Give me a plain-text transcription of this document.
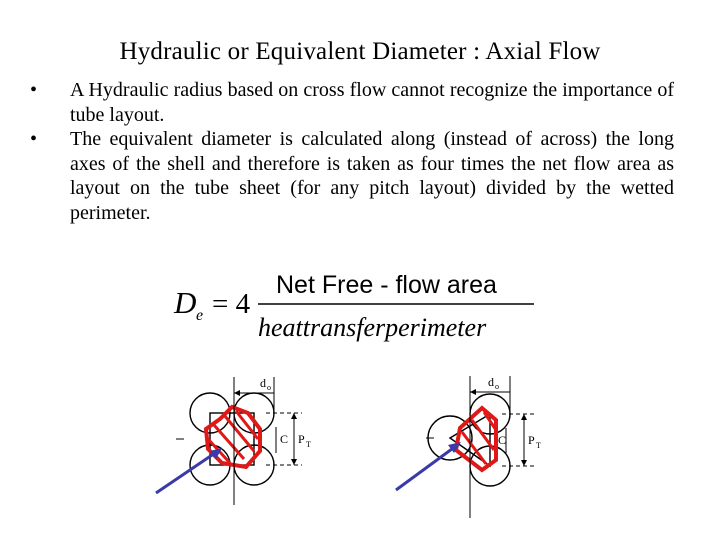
Hydraulic or Equivalent Diameter : Axial Flow
• A Hydraulic radius based on cross flow cannot recognize the importance of tube layout.
• The equivalent diameter is calculated along (instead of across) the long axes of the shell and therefore is taken as four times the net flow area as layout on the tube sheet (for any pitch layout) divided by the wetted perimeter.
D e = 4
Net Free - flow area
heattransferperimeter
d o
C P T
d o
C P T
